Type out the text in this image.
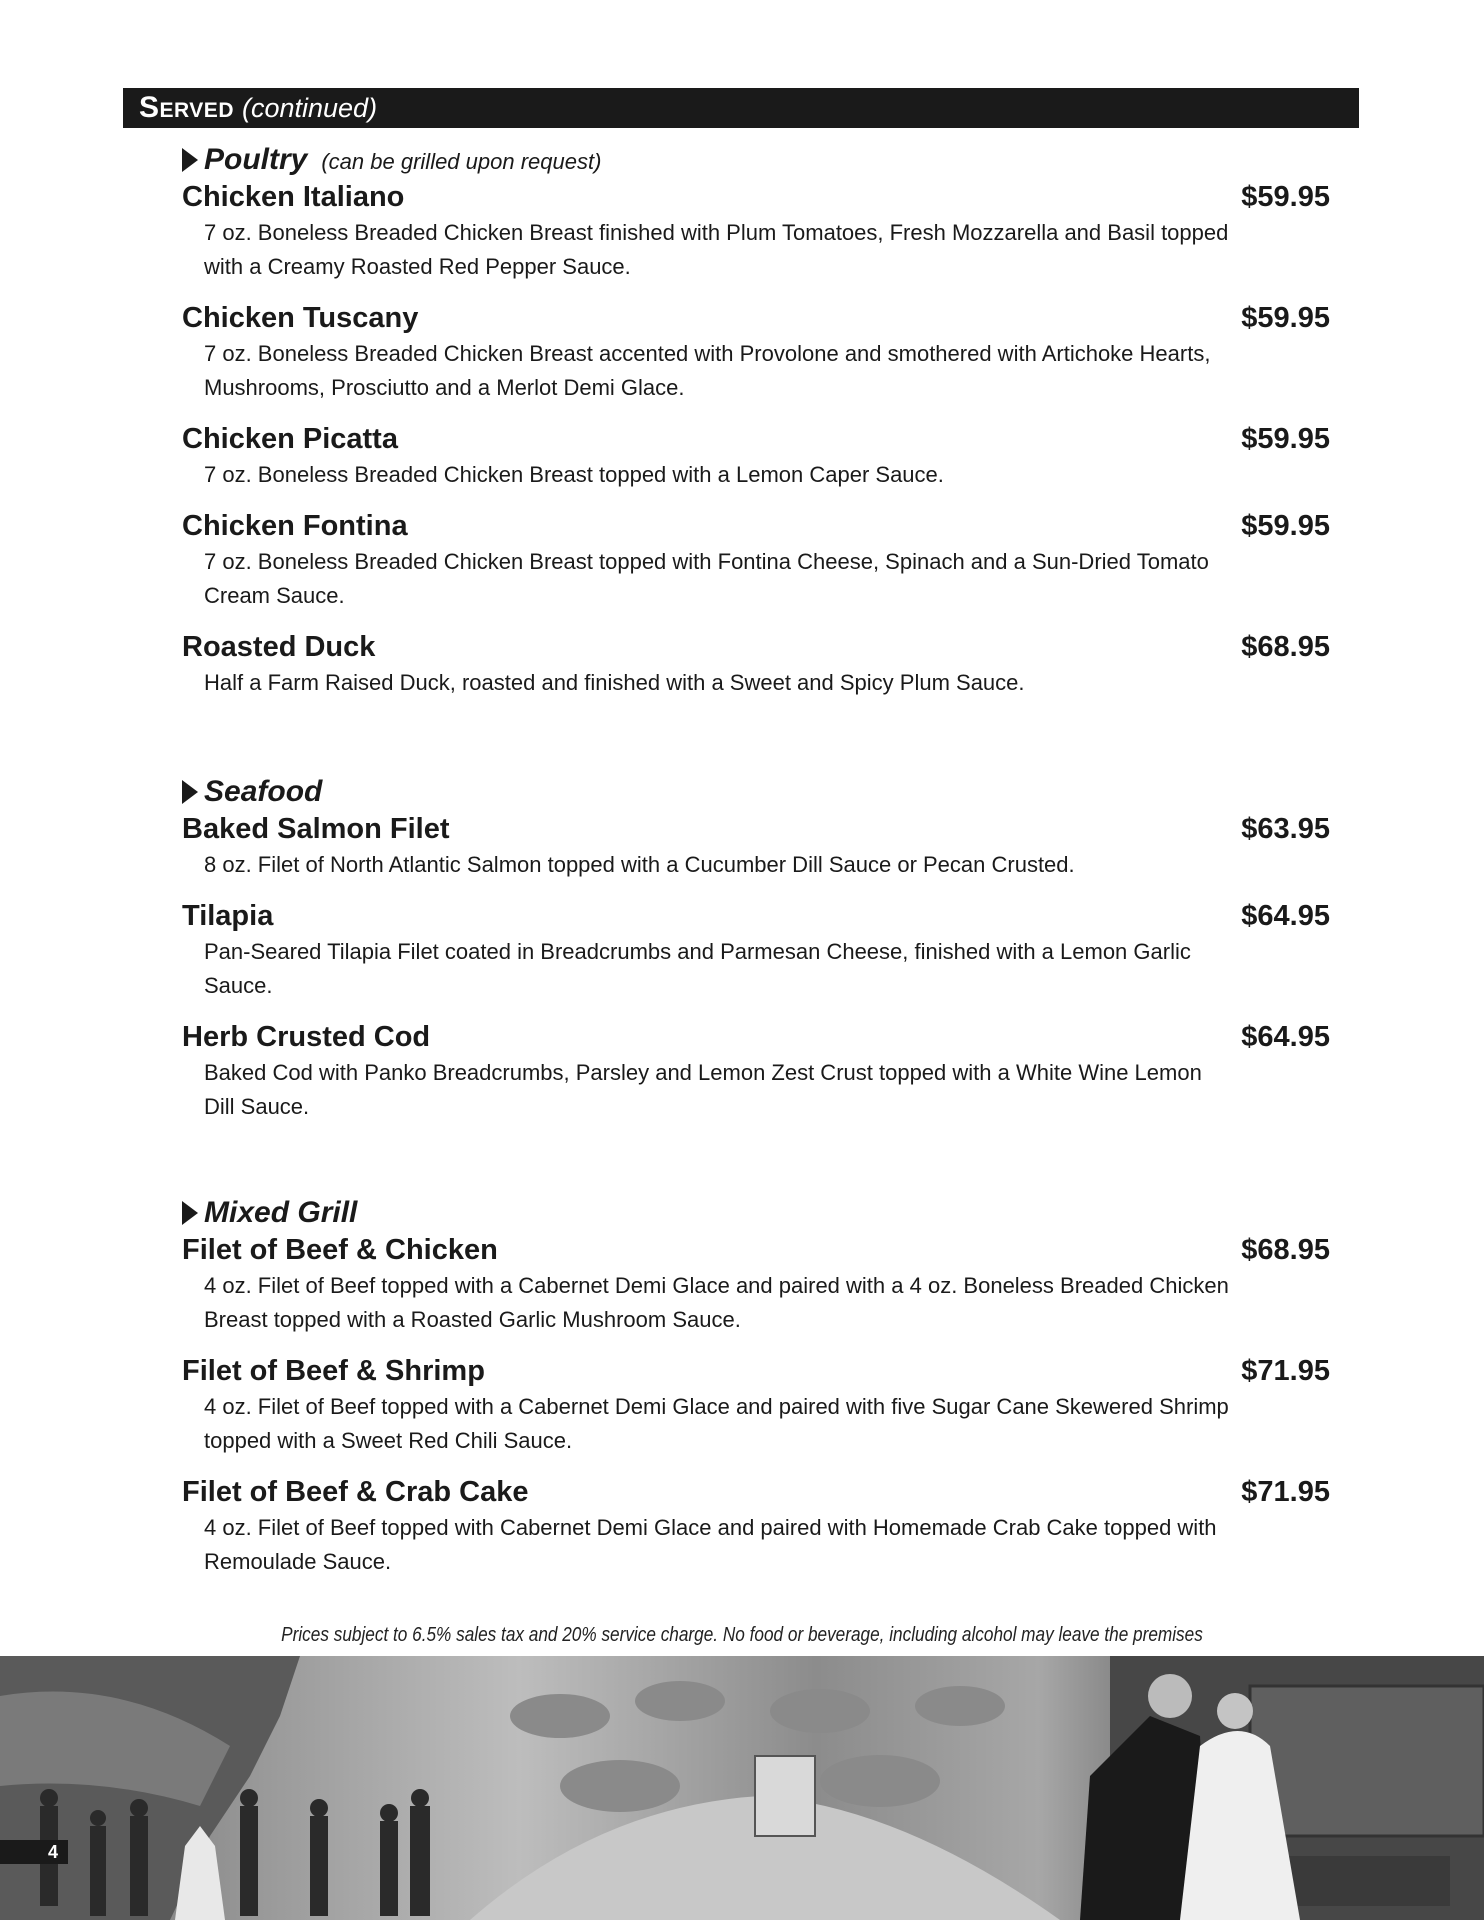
Served (continued)
Poultry (can be grilled upon request)
Chicken Italiano	$59.95
7 oz. Boneless Breaded Chicken Breast finished with Plum Tomatoes, Fresh Mozzarella and Basil topped with a Creamy Roasted Red Pepper Sauce.
Chicken Tuscany	$59.95
7 oz. Boneless Breaded Chicken Breast accented with Provolone and smothered with Artichoke Hearts, Mushrooms, Prosciutto and a Merlot Demi Glace.
Chicken Picatta	$59.95
7 oz. Boneless Breaded Chicken Breast topped with a Lemon Caper Sauce.
Chicken Fontina	$59.95
7 oz. Boneless Breaded Chicken Breast topped with Fontina Cheese, Spinach and a Sun-Dried Tomato Cream Sauce.
Roasted Duck	$68.95
Half a Farm Raised Duck, roasted and finished with a Sweet and Spicy Plum Sauce.
Seafood
Baked Salmon Filet	$63.95
8 oz. Filet of North Atlantic Salmon topped with a Cucumber Dill Sauce or Pecan Crusted.
Tilapia	$64.95
Pan-Seared Tilapia Filet coated in Breadcrumbs and Parmesan Cheese, finished with a Lemon Garlic Sauce.
Herb Crusted Cod	$64.95
Baked Cod with Panko Breadcrumbs, Parsley and Lemon Zest Crust topped with a White Wine Lemon Dill Sauce.
Mixed Grill
Filet of Beef & Chicken	$68.95
4 oz. Filet of Beef topped with a Cabernet Demi Glace and paired with a 4 oz. Boneless Breaded Chicken Breast topped with a Roasted Garlic Mushroom Sauce.
Filet of Beef & Shrimp	$71.95
4 oz. Filet of Beef topped with a Cabernet Demi Glace and paired with five Sugar Cane Skewered Shrimp topped with a Sweet Red Chili Sauce.
Filet of Beef & Crab Cake	$71.95
4 oz. Filet of Beef topped with Cabernet Demi Glace and paired with Homemade Crab Cake topped with Remoulade Sauce.
Prices subject to 6.5% sales tax and 20% service charge. No food or beverage, including alcohol may leave the premises
4
